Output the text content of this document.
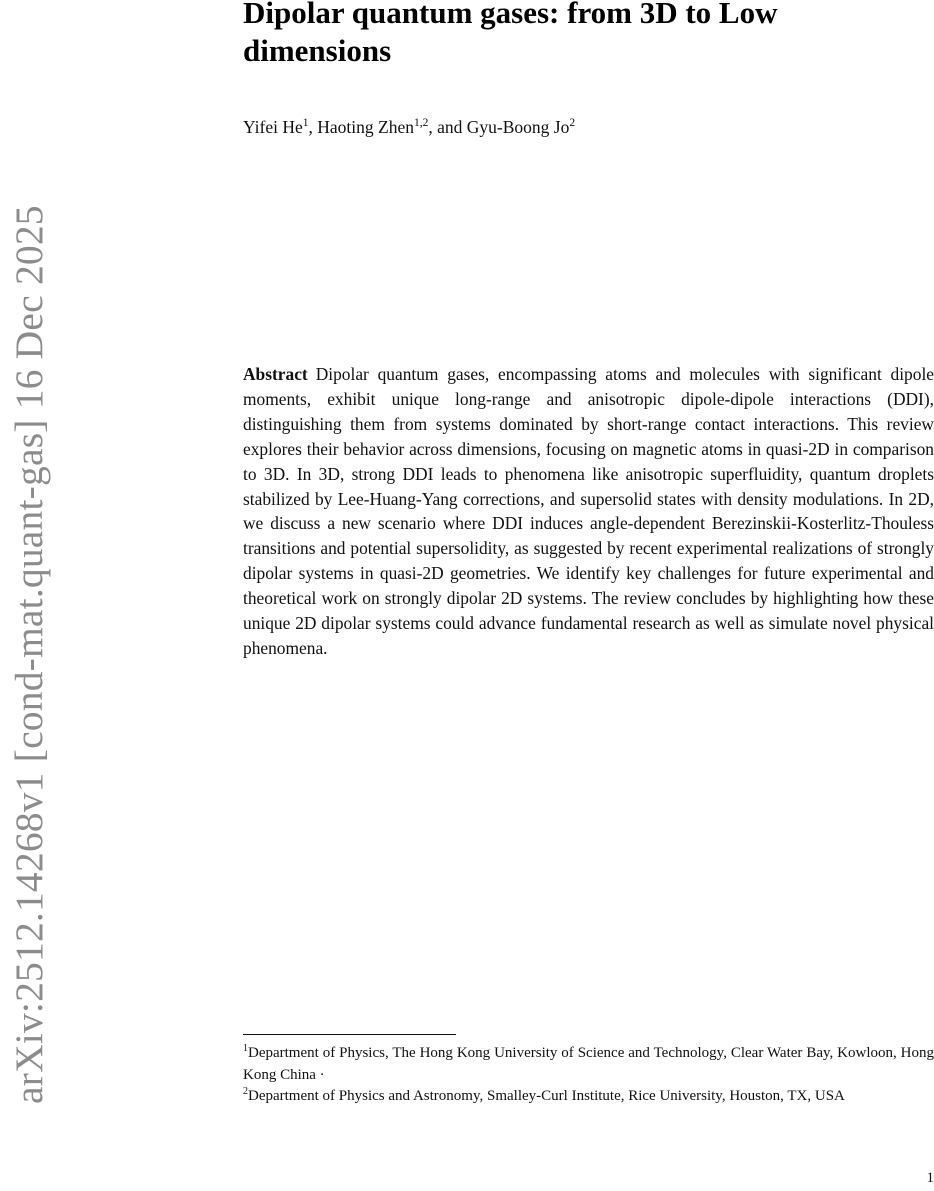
arXiv:2512.14268v1 [cond-mat.quant-gas] 16 Dec 2025
Dipolar quantum gases: from 3D to Low dimensions
Yifei He$^1$, Haoting Zhen$^{1,2}$, and Gyu-Boong Jo$^2$

Abstract Dipolar quantum gases, encompassing atoms and molecules with significant dipole moments, exhibit unique long-range and anisotropic dipole-dipole interactions (DDI), distinguishing them from systems dominated by short-range contact interactions. This review explores their behavior across dimensions, focusing on magnetic atoms in quasi-2D in comparison to 3D. In 3D, strong DDI leads to phenomena like anisotropic superfluidity, quantum droplets stabilized by Lee-Huang-Yang corrections, and supersolid states with density modulations. In 2D, we discuss a new scenario where DDI induces angle-dependent Berezinskii-Kosterlitz-Thouless transitions and potential supersolidity, as suggested by recent experimental realizations of strongly dipolar systems in quasi-2D geometries. We identify key challenges for future experimental and theoretical work on strongly dipolar 2D systems. The review concludes by highlighting how these unique 2D dipolar systems could advance fundamental research as well as simulate novel physical phenomena.

$^1$Department of Physics, The Hong Kong University of Science and Technology, Clear Water Bay, Kowloon, Hong Kong China ·

$^2$Department of Physics and Astronomy, Smalley-Curl Institute, Rice University, Houston, TX, USA

1
